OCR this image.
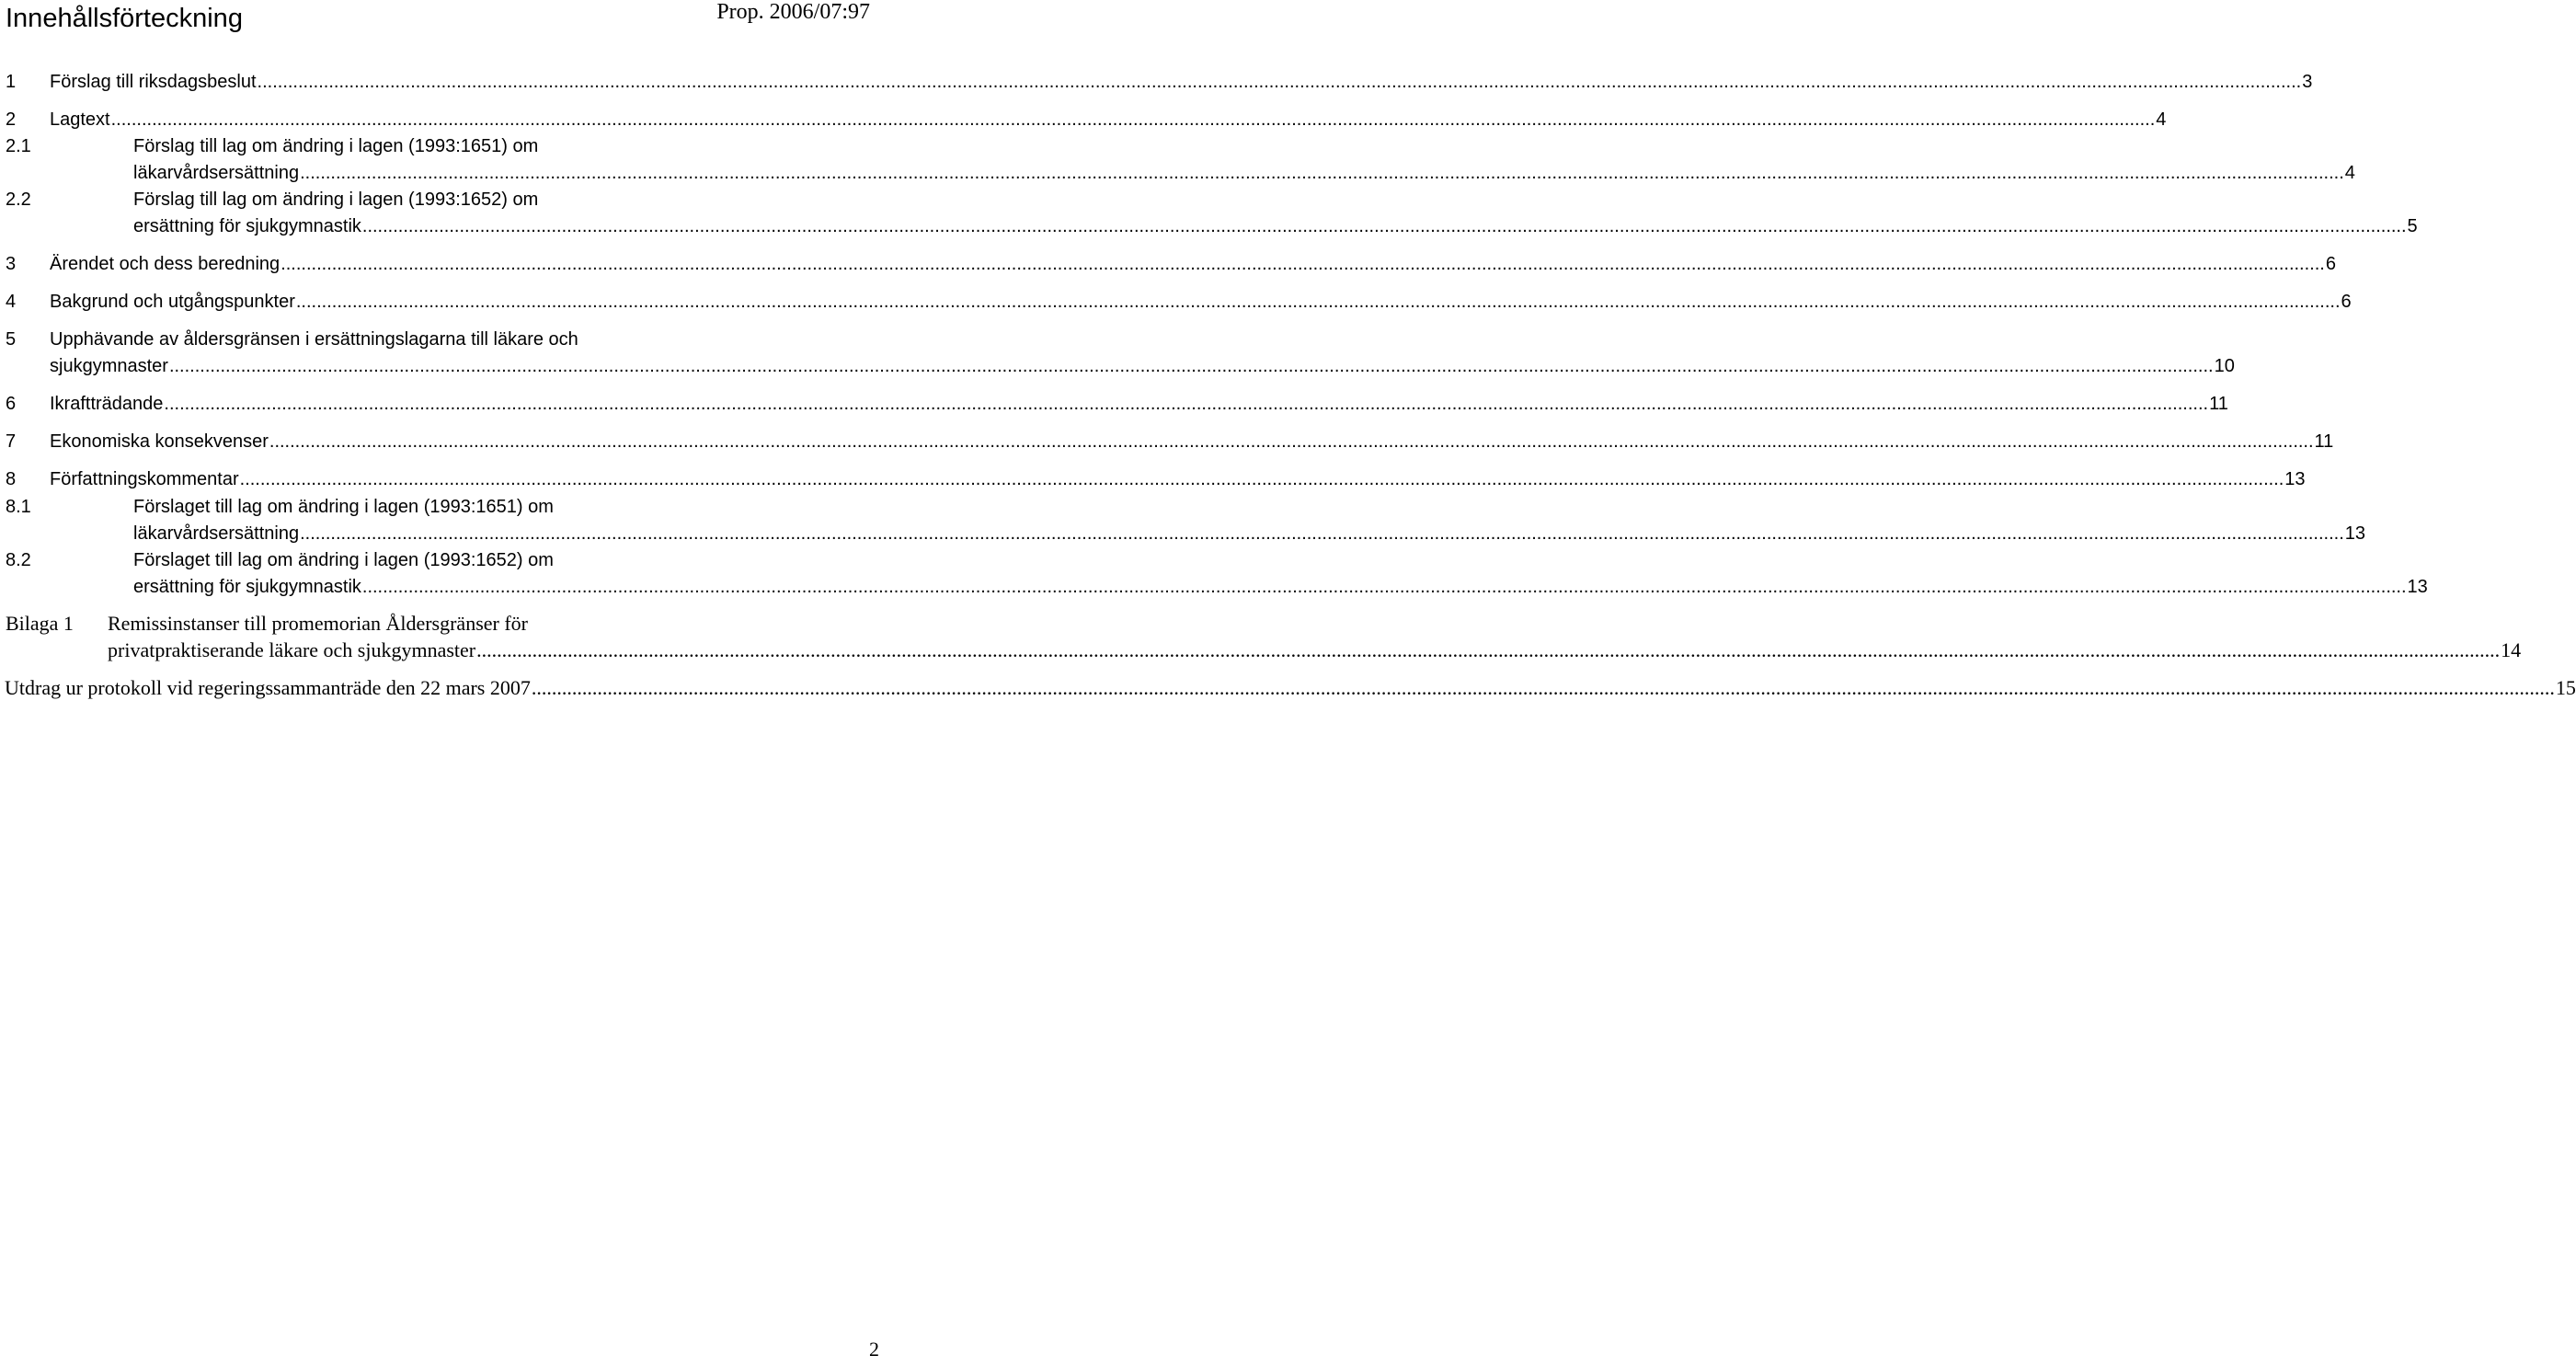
Innehållsförteckning	Prop. 2006/07:97
1 Förslag till riksdagsbeslut ................................................................................................................................................................................................................................................................................................................................................................................................................ 3
2 Lagtext ................................................................................................................................................................................................................................................................................................................................................................................................................ 4
2.1	Förslag till lag om ändring i lagen (1993:1651) om
läkarvårdsersättning ................................................................................................................................................................................................................................................................................................................................................................................................................ 4
2.2	Förslag till lag om ändring i lagen (1993:1652) om
ersättning för sjukgymnastik ................................................................................................................................................................................................................................................................................................................................................................................................................ 5
3 Ärendet och dess beredning ................................................................................................................................................................................................................................................................................................................................................................................................................ 6
4 Bakgrund och utgångspunkter ................................................................................................................................................................................................................................................................................................................................................................................................................ 6
5 Upphävande av åldersgränsen i ersättningslagarna till läkare och
sjukgymnaster ................................................................................................................................................................................................................................................................................................................................................................................................................ 10
6 Ikraftträdande ................................................................................................................................................................................................................................................................................................................................................................................................................ 11
7 Ekonomiska konsekvenser ................................................................................................................................................................................................................................................................................................................................................................................................................ 11
8 Författningskommentar ................................................................................................................................................................................................................................................................................................................................................................................................................ 13
8.1	Förslaget till lag om ändring i lagen (1993:1651) om
läkarvårdsersättning ................................................................................................................................................................................................................................................................................................................................................................................................................ 13
8.2	Förslaget till lag om ändring i lagen (1993:1652) om
ersättning för sjukgymnastik ................................................................................................................................................................................................................................................................................................................................................................................................................ 13
Bilaga 1 Remissinstanser till promemorian Åldersgränser för
privatpraktiserande läkare och sjukgymnaster ................................................................................................................................................................................................................................................................................................................................................................................................................ 14
Utdrag ur protokoll vid regeringssammanträde den 22 mars 2007 ................................................................................................................................................................................................................................................................................................................................................................................................................ 15
2
